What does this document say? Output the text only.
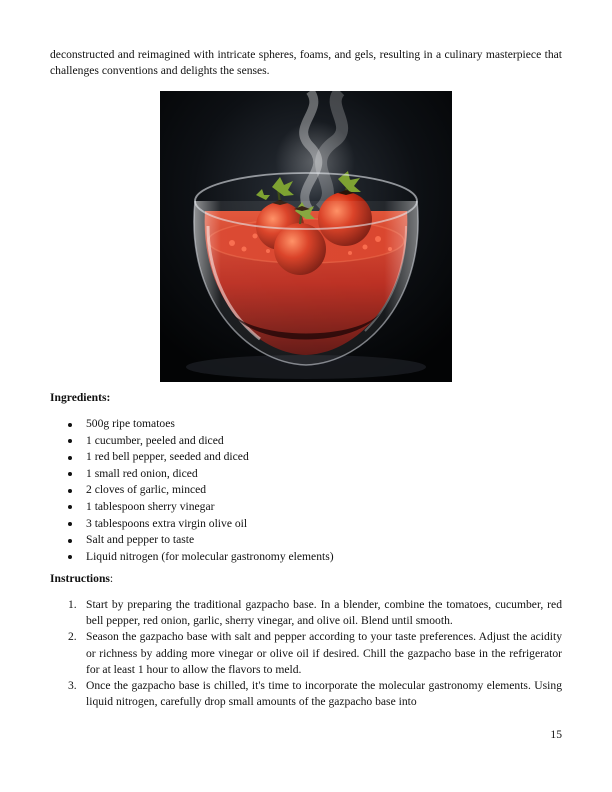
deconstructed and reimagined with intricate spheres, foams, and gels, resulting in a culinary masterpiece that challenges conventions and delights the senses.

Ingredients:

500g ripe tomatoes
1 cucumber, peeled and diced
1 red bell pepper, seeded and diced
1 small red onion, diced
2 cloves of garlic, minced
1 tablespoon sherry vinegar
3 tablespoons extra virgin olive oil
Salt and pepper to taste
Liquid nitrogen (for molecular gastronomy elements)

Instructions:

1. Start by preparing the traditional gazpacho base. In a blender, combine the tomatoes, cucumber, red bell pepper, red onion, garlic, sherry vinegar, and olive oil. Blend until smooth.
2. Season the gazpacho base with salt and pepper according to your taste preferences. Adjust the acidity or richness by adding more vinegar or olive oil if desired. Chill the gazpacho base in the refrigerator for at least 1 hour to allow the flavors to meld.
3. Once the gazpacho base is chilled, it's time to incorporate the molecular gastronomy elements. Using liquid nitrogen, carefully drop small amounts of the gazpacho base into

15
